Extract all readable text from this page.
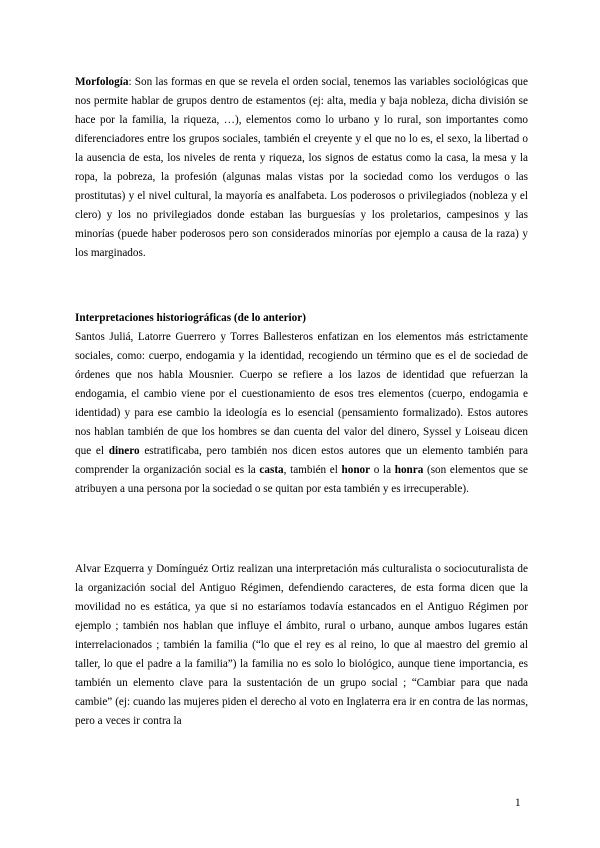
Morfología: Son las formas en que se revela el orden social, tenemos las variables sociológicas que nos permite hablar de grupos dentro de estamentos (ej: alta, media y baja nobleza, dicha división se hace por la familia, la riqueza, …), elementos como lo urbano y lo rural, son importantes como diferenciadores entre los grupos sociales, también el creyente y el que no lo es, el sexo, la libertad o la ausencia de esta, los niveles de renta y riqueza, los signos de estatus como la casa, la mesa y la ropa, la pobreza, la profesión (algunas malas vistas por la sociedad como los verdugos o las prostitutas) y el nivel cultural, la mayoría es analfabeta. Los poderosos o privilegiados (nobleza y el clero) y los no privilegiados donde estaban las burguesías y los proletarios, campesinos y las minorías (puede haber poderosos pero son considerados minorías por ejemplo a causa de la raza) y los marginados.

Interpretaciones historiográficas (de lo anterior)

Santos Juliá, Latorre Guerrero y Torres Ballesteros enfatizan en los elementos más estrictamente sociales, como: cuerpo, endogamia y la identidad, recogiendo un término que es el de sociedad de órdenes que nos habla Mousnier. Cuerpo se refiere a los lazos de identidad que refuerzan la endogamia, el cambio viene por el cuestionamiento de esos tres elementos (cuerpo, endogamia e identidad) y para ese cambio la ideología es lo esencial (pensamiento formalizado). Estos autores nos hablan también de que los hombres se dan cuenta del valor del dinero, Syssel y Loiseau dicen que el dinero estratificaba, pero también nos dicen estos autores que un elemento también para comprender la organización social es la casta, también el honor o la honra (son elementos que se atribuyen a una persona por la sociedad o se quitan por esta también y es irrecuperable).

Alvar Ezquerra y Domínguéz Ortiz realizan una interpretación más culturalista o sociocuturalista de la organización social del Antiguo Régimen, defendiendo caracteres, de esta forma dicen que la movilidad no es estática, ya que si no estaríamos todavía estancados en el Antiguo Régimen por ejemplo ; también nos hablan que influye el ámbito, rural o urbano, aunque ambos lugares están interrelacionados ; también la familia (“lo que el rey es al reino, lo que al maestro del gremio al taller, lo que el padre a la familia”) la familia no es solo lo biológico, aunque tiene importancia, es también un elemento clave para la sustentación de un grupo social ; “Cambiar para que nada cambie” (ej: cuando las mujeres piden el derecho al voto en Inglaterra era ir en contra de las normas, pero a veces ir contra la

1
